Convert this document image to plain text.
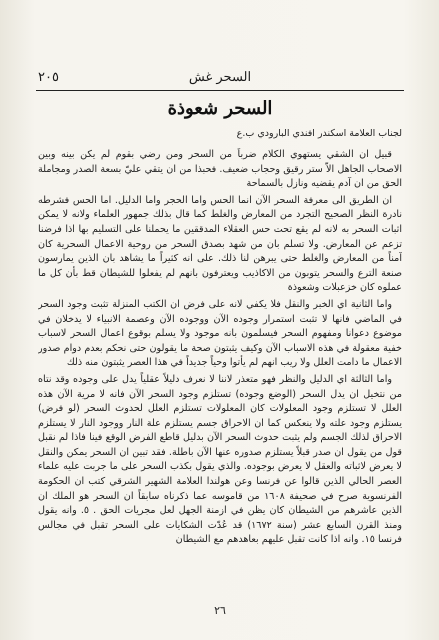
٢٠٥	السحر غش
السحر شعوذة
لجناب العلامة اسكندر افندي البارودي ب.ع

قبيل ان الشقي يستهوي الكلام ضرباً من السحر ومن رضي بقوم لم يكن بينه وبين الاصحاب الجاهل الاّ ستر رقيق وحجاب ضعيف. فحبذا من ان يتقي عليّ بسعة الصدر ومجاملة الحق من ان آدم يقضيه ونازل بالسماحة

ان الطريق الى معرفة السحر الآن انما الحس واما الحجر واما الدليل. اما الحس فشرطه نادرة النظر الصحيح التجرد من المعارض والغلط كما قال بذلك جمهور العلماء ولانه لا يمكن اثبات السحر به لانه لم يقع تحت حس العقلاء المدققين ما يحملنا على التسليم بها اذا فرضنا تزعم عن المعارض. ولا تسلم بان من شهد بصدق السحر من روحية الاعمال السحرية كان آمناً من المعارض والغلط حتى يبرهن لنا ذلك. على انه كثيراً ما يشاهد بان الذين يمارسون صنعة الترع والسحر يتوبون من الاكاذيب ويعترفون بانهم لم يفعلوا للشيطان قط بأن كل ما عملوه كان خزعبلات وشعوذة

واما الثانية اي الخبر والنقل فلا يكفي لانه على فرض ان الكتب المنزلة تثبت وجود السحر في الماضي فانها لا تثبت استمرار وجوده الآن ووجوده الآن وعصمة الانبياء لا يدخلان في موضوع دعوانا ومفهوم السحر فيسلمون بانه موجود ولا يسلم بوقوع اعمال السحر لاسباب خفية معقولة في هذه الاسباب الآن وكيف يثبتون صحة ما يقولون حتى نحكم بعدم دوام صدور الاعمال ما دامت العلل ولا ريب انهم لم يأتوا وحياً جديداً في هذا العصر يثبتون منه ذلك

واما الثالثة اي الدليل والنظر فهو متعذر لاننا لا نعرف دليلاً عقلياً يدل على وجوده وقد نتاه من نتخيل ان يدل السحر (الوضع وجوده) تستلزم وجود السحر الآن فانه لا مرية الآن هذه العلل لا تستلزم وجود المعلولات كان المعلولات تستلزم العلل لحدوث السحر (لو فرض) يستلزم وجود علته ولا ينعكس كما ان الاحراق جسم يستلزم علة النار ووجود النار لا يستلزم الاحراق لذلك الجسم ولم يثبت حدوث السحر الآن بدليل قاطع الفرض الوقع فينا فاذا لم نقبل قول من يقول ان صدر قبلاً يستلزم صدوره عنها الآن باطلة. فقد تبين ان السحر يمكن والنقل لا يعرض لاثباته والعقل لا يعرض بوجوده. والذي يقول بكذب السحر على ما جربت عليه علماء العصر الحالي الذين قالوا عن فرنسا وعن هولندا العلامة الشهير الشرقي كتب ان الحكومة الفرنسوية صرح في صحيفة ١٦٠٨ من قاموسه عما ذكرناه سابقاً ان السحر هو الملك ان الذين عاشرهم من الشيطان كان يظن في ازمنة الجهل لعل مجريات الحق . ٥. وانه يقول ومنذ القرن السابع عشر (سنة ١٦٧٢) قد عُدّت الشكايات على السحر تقبل في مجالس فرنسا ١٥. وانه اذا كانت تقبل عليهم بعاهدهم مع الشيطان

٢٦
